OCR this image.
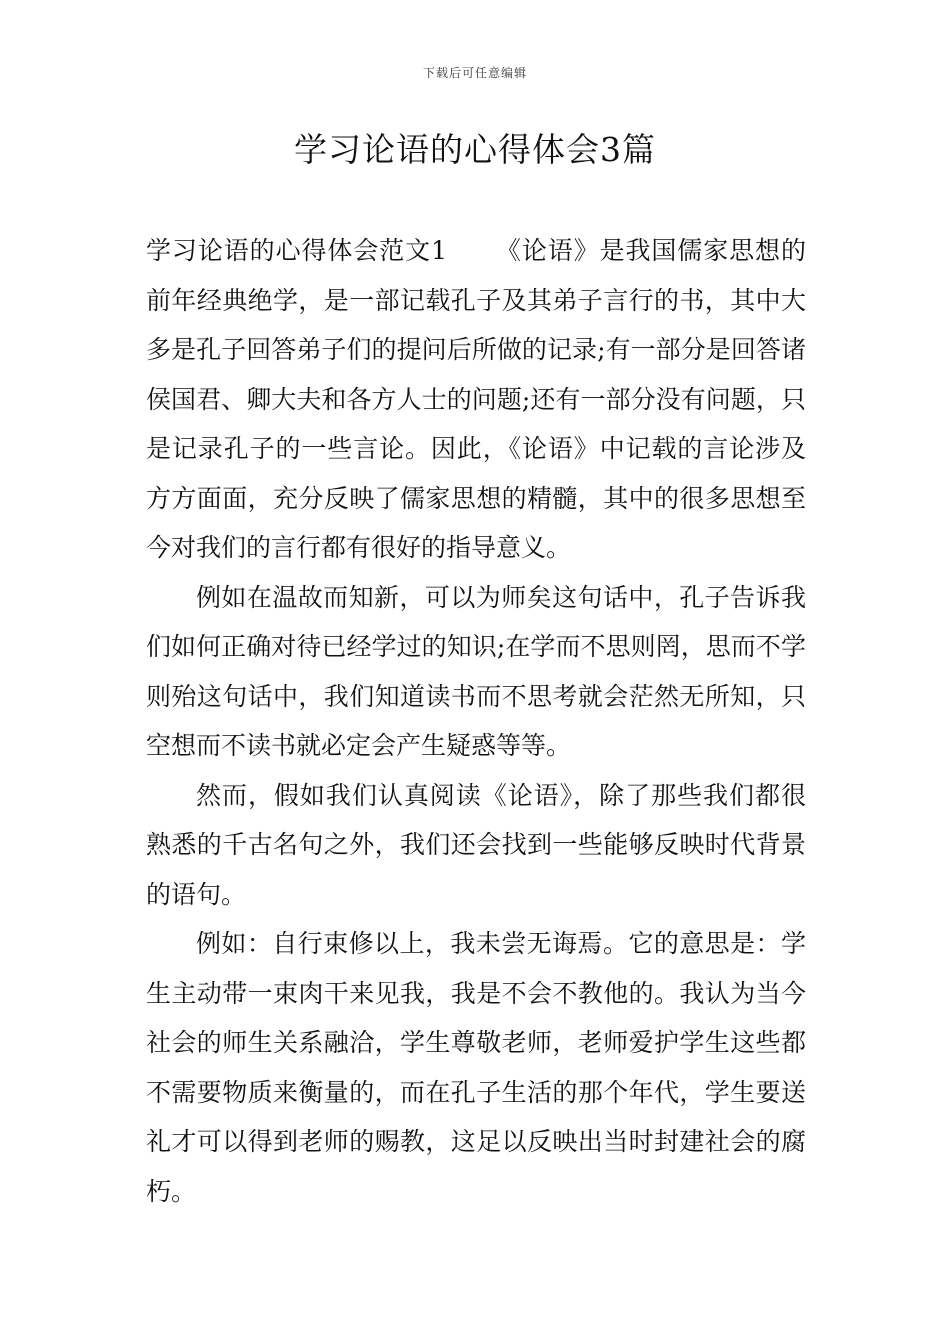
下载后可任意编辑
学习论语的心得体会3篇

学习论语的心得体会范文1 《论语》是我国儒家思想的前年经典绝学，是一部记载孔子及其弟子言行的书，其中大多是孔子回答弟子们的提问后所做的记录;有一部分是回答诸侯国君、卿大夫和各方人士的问题;还有一部分没有问题，只是记录孔子的一些言论。因此，《论语》中记载的言论涉及方方面面，充分反映了儒家思想的精髓，其中的很多思想至今对我们的言行都有很好的指导意义。

例如在温故而知新，可以为师矣这句话中，孔子告诉我们如何正确对待已经学过的知识;在学而不思则罔，思而不学则殆这句话中，我们知道读书而不思考就会茫然无所知，只空想而不读书就必定会产生疑惑等等。

然而，假如我们认真阅读《论语》，除了那些我们都很熟悉的千古名句之外，我们还会找到一些能够反映时代背景的语句。

例如：自行束修以上，我未尝无诲焉。它的意思是：学生主动带一束肉干来见我，我是不会不教他的。我认为当今社会的师生关系融洽，学生尊敬老师，老师爱护学生这些都不需要物质来衡量的，而在孔子生活的那个年代，学生要送礼才可以得到老师的赐教，这足以反映出当时封建社会的腐朽。
